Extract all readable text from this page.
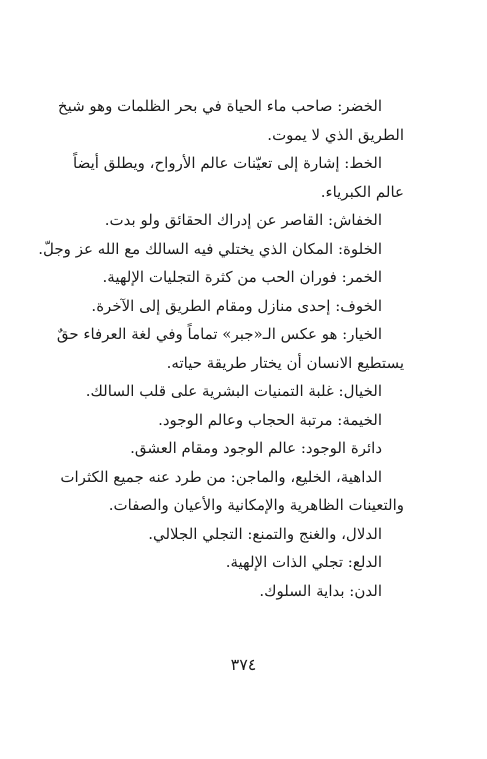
الخضر: صاحب ماء الحياة في بحر الظلمات وهو شيخ
الطريق الذي لا يموت.

الخط: إشارة إلى تعيّنات عالم الأرواح، ويطلق أيضاً
عالم الكبرياء.

الخفاش: القاصر عن إدراك الحقائق ولو بدت.

الخلوة: المكان الذي يختلي فيه السالك مع الله عز وجلّ.

الخمر: فوران الحب من كثرة التجليات الإلهية.

الخوف: إحدى منازل ومقام الطريق إلى الآخرة.

الخيار: هو عكس الـ«جبر» تماماً وفي لغة العرفاء حقٌ
يستطيع الانسان أن يختار طريقة حياته.

الخيال: غلبة التمنيات البشرية على قلب السالك.

الخيمة: مرتبة الحجاب وعالم الوجود.

دائرة الوجود: عالم الوجود ومقام العشق.

الداهية، الخليع، والماجن: من طرد عنه جميع الكثرات
والتعينات الظاهرية والإمكانية والأعيان والصفات.

الدلال، والغنج والتمنع: التجلي الجلالي.

الدلع: تجلي الذات الإلهية.

الدن: بداية السلوك.

٣٧٤
